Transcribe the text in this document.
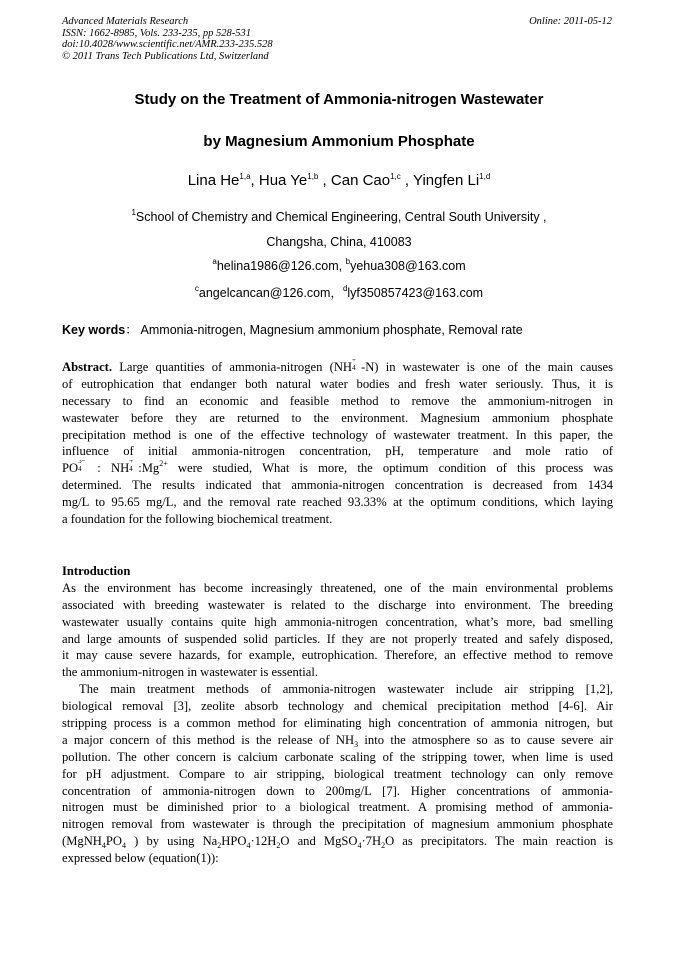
Advanced Materials Research
ISSN: 1662-8985, Vols. 233-235, pp 528-531
doi:10.4028/www.scientific.net/AMR.233-235.528
© 2011 Trans Tech Publications Ltd, Switzerland
Online: 2011-05-12
Study on the Treatment of Ammonia-nitrogen Wastewater
by Magnesium Ammonium Phosphate
Lina He$^{1,a}$, Hua Ye$^{1,b}$ , Can Cao$^{1,c}$ , Yingfen Li$^{1,d}$
$^1$School of Chemistry and Chemical Engineering, Central South University ,
Changsha, China, 410083
$^a$helina1986@126.com, $^b$yehua308@163.com
$^c$angelcancan@126.com，$^d$lyf350857423@163.com
Key words： Ammonia-nitrogen, Magnesium ammonium phosphate, Removal rate
Abstract. Large quantities of ammonia-nitrogen (NH +
4 -N) in wastewater is one of the main causes
of eutrophication that endanger both natural water bodies and fresh water seriously. Thus, it is
necessary to find an economic and feasible method to remove the ammonium-nitrogen in
wastewater before they are returned to the environment. Magnesium ammonium phosphate
precipitation method is one of the effective technology of wastewater treatment. In this paper, the
influence of initial ammonia-nitrogen concentration, pH, temperature and mole ratio of
PO 3−
4 : NH +
4 $:Mg^{2+}$ were studied, What is more, the optimum condition of this process was
determined. The results indicated that ammonia-nitrogen concentration is decreased from 1434
mg/L to 95.65 mg/L, and the removal rate reached 93.33% at the optimum conditions, which laying
a foundation for the following biochemical treatment.
Introduction
As the environment has become increasingly threatened, one of the main environmental problems
associated with breeding wastewater is related to the discharge into environment. The breeding
wastewater usually contains quite high ammonia-nitrogen concentration, what’s more, bad smelling
and large amounts of suspended solid particles. If they are not properly treated and safely disposed,
it may cause severe hazards, for example, eutrophication. Therefore, an effective method to remove
the ammonium-nitrogen in wastewater is essential.
The main treatment methods of ammonia-nitrogen wastewater include air stripping [1,2],
biological removal [3], zeolite absorb technology and chemical precipitation method [4-6]. Air
stripping process is a common method for eliminating high concentration of ammonia nitrogen, but
a major concern of this method is the release of $NH_3$ into the atmosphere so as to cause severe air
pollution. The other concern is calcium carbonate scaling of the stripping tower, when lime is used
for pH adjustment. Compare to air stripping, biological treatment technology can only remove
concentration of ammonia-nitrogen down to 200mg/L [7]. Higher concentrations of ammonia-
nitrogen must be diminished prior to a biological treatment. A promising method of ammonia-
nitrogen removal from wastewater is through the precipitation of magnesium ammonium phosphate
($MgNH_4PO_4$ ) by using $Na_2HPO_4\cdot 12H_2O$ and $MgSO_4\cdot 7H_2O$ as precipitators. The main reaction is
expressed below (equation(1)):
